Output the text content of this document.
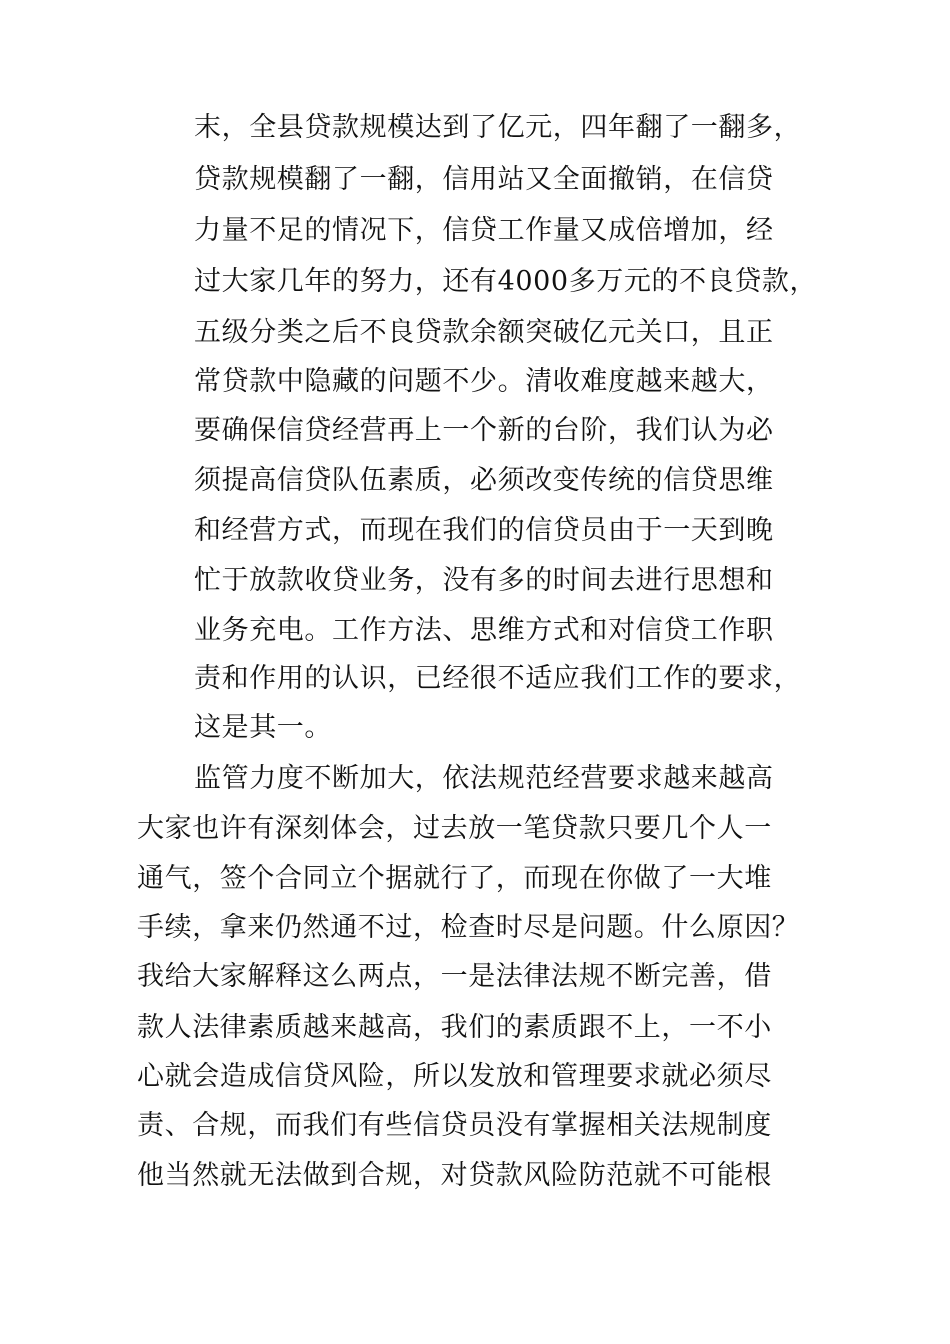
末，全县贷款规模达到了亿元，四年翻了一翻多，
贷款规模翻了一翻，信用站又全面撤销，在信贷
力量不足的情况下，信贷工作量又成倍增加，经
过大家几年的努力，还有4000多万元的不良贷款，
五级分类之后不良贷款余额突破亿元关口，且正
常贷款中隐藏的问题不少。清收难度越来越大，
要确保信贷经营再上一个新的台阶，我们认为必
须提高信贷队伍素质，必须改变传统的信贷思维
和经营方式，而现在我们的信贷员由于一天到晚
忙于放款收贷业务，没有多的时间去进行思想和
业务充电。工作方法、思维方式和对信贷工作职
责和作用的认识，已经很不适应我们工作的要求，
这是其一。
监管力度不断加大，依法规范经营要求越来越高
大家也许有深刻体会，过去放一笔贷款只要几个人一
通气，签个合同立个据就行了，而现在你做了一大堆
手续，拿来仍然通不过，检查时尽是问题。什么原因？
我给大家解释这么两点，一是法律法规不断完善，借
款人法律素质越来越高，我们的素质跟不上，一不小
心就会造成信贷风险，所以发放和管理要求就必须尽
责、合规，而我们有些信贷员没有掌握相关法规制度
他当然就无法做到合规，对贷款风险防范就不可能根
